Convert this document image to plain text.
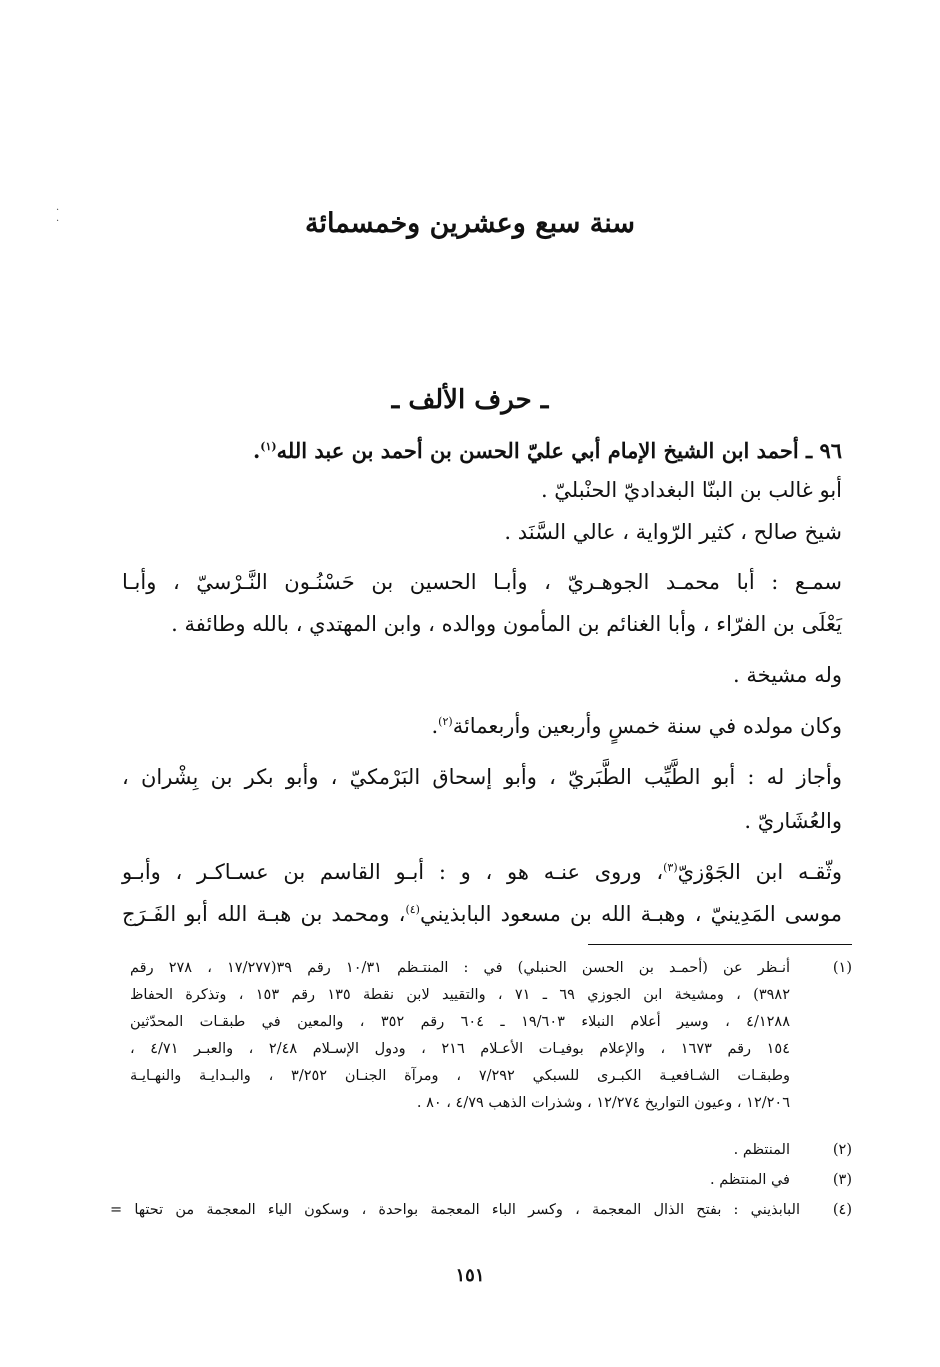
·
·	سنة سبع وعشرين وخمسمائة
ـ حرف الألف ـ
٩٦ ـ أحمد ابن الشيخ الإمام أبي عليّ الحسن بن أحمد بن عبد الله$^{(١)}$.
أبو غالب بن البنّا البغداديّ الحنْبليّ .
شيخ صالح ، كثير الرّواية ، عالي السَّنَد .
سمـع : أبا محمـد الجوهـريّ ، وأبـا الحسين بن حَسْنُـون النَّـرْسيّ ، وأبـا
يَعْلَى بن الفرّاء ، وأبا الغنائم بن المأمون ووالده ، وابن المهتدي ، بالله وطائفة .
وله مشيخة .
وكان مولده في سنة خمسٍ وأربعين وأربعمائة$^{(٢)}$.
وأجاز له : أبو الطَّيِّب الطَّبَريّ ، وأبو إسحاق البَرْمكيّ ، وأبو بكر بن بِشْران ،
والعُشَاريّ .
وثّقـه ابن الجَوْزيّ$^{(٣)}$، وروى عنـه هو ، و : أبـو القاسم بن عسـاكـر ، وأبـو
موسى المَدِينيّ ، وهبـة الله بن مسعود البابذيني$^{(٤)}$، ومحمد بن هبـة الله أبو الفَـرَج
(١)
أنـظر عن (أحمـد بن الحسن الحنبلي) في : المنتـظم ١٠/٣١ رقم ٣٩(١٧/٢٧٧ ، ٢٧٨ رقم
٣٩٨٢) ، ومشيخة ابن الجوزي ٦٩ ـ ٧١ ، والتقييد لابن نقطة ١٣٥ رقم ١٥٣ ، وتذكرة الحفاظ
٤/١٢٨٨ ، وسير أعلام النبلاء ١٩/٦٠٣ ـ ٦٠٤ رقم ٣٥٢ ، والمعين في طبقـات المحدّثين
١٥٤ رقم ١٦٧٣ ، والإعلام بوفيـات الأعـلام ٢١٦ ، ودول الإسـلام ٢/٤٨ ، والعبـر ٤/٧١ ،
وطبقـات الشـافعيـة الكبـرى للسبكي ٧/٢٩٢ ، ومرآة الجنـان ٣/٢٥٢ ، والبـدايـة والنهـايـة
١٢/٢٠٦ ، وعيون التواريخ ١٢/٢٧٤ ، وشذرات الذهب ٤/٧٩ ، ٨٠ .
(٢)
المنتظم .
(٣)
في المنتظم .
(٤)
البابذيني : بفتح الذال المعجمة ، وكسر الباء المعجمة بواحدة ، وسكون الياء المعجمة من تحتها =
١٥١
